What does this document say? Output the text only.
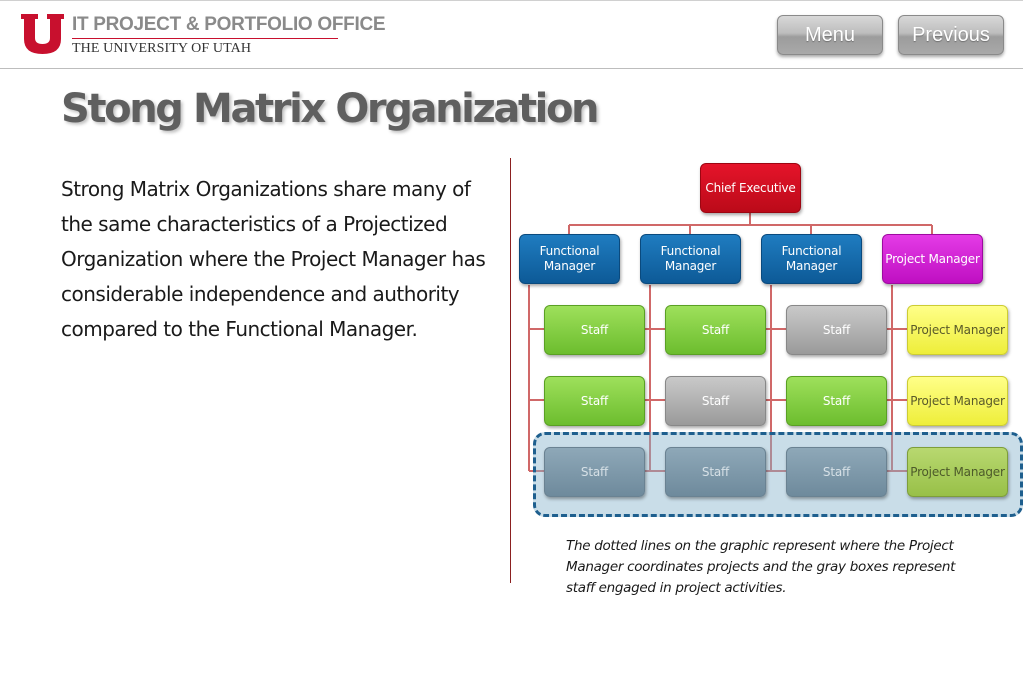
IT PROJECT & PORTFOLIO OFFICE
THE UNIVERSITY OF UTAH
Menu	Previous
Stong Matrix Organization
Strong Matrix Organizations share many of the same characteristics of a Projectized Organization where the Project Manager has considerable independence and authority compared to the Functional Manager.
Chief Executive
Functional Manager
Functional Manager
Functional Manager
Project Manager
Staff	Staff	Staff	Project Manager
Staff	Staff	Staff	Project Manager
Staff	Staff	Staff	Project Manager
The dotted lines on the graphic represent where the Project Manager coordinates projects and the gray boxes represent staff engaged in project activities.
